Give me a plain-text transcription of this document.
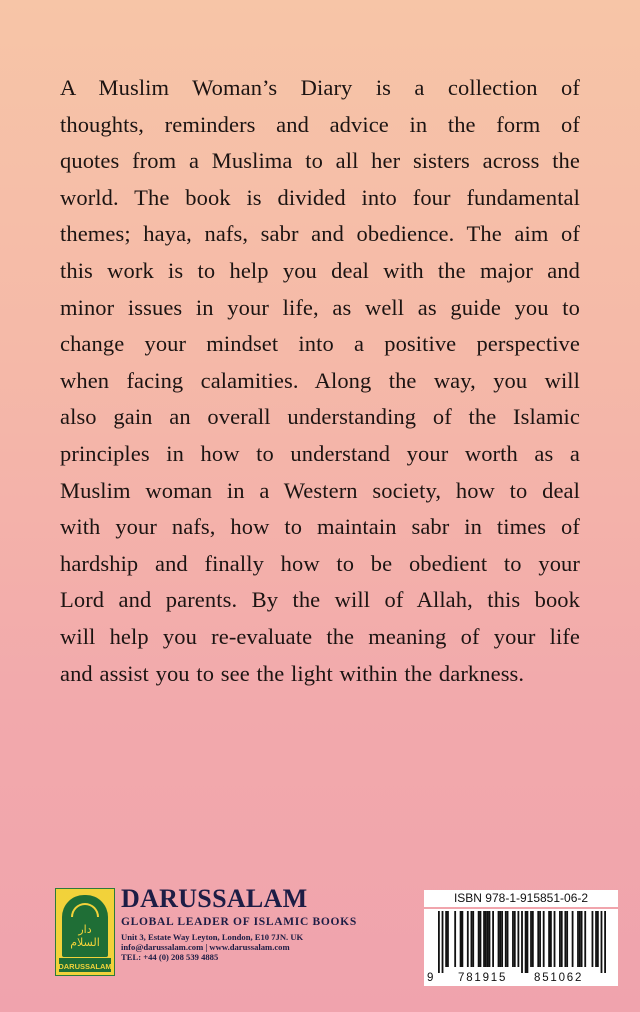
A Muslim Woman’s Diary is a collection of
thoughts, reminders and advice in the form of
quotes from a Muslima to all her sisters across the
world. The book is divided into four fundamental
themes; haya, nafs, sabr and obedience. The aim of
this work is to help you deal with the major and
minor issues in your life, as well as guide you to
change your mindset into a positive perspective
when facing calamities. Along the way, you will
also gain an overall understanding of the Islamic
principles in how to understand your worth as a
Muslim woman in a Western society, how to deal
with your nafs, how to maintain sabr in times of
hardship and finally how to be obedient to your
Lord and parents. By the will of Allah, this book
will help you re-evaluate the meaning of your life
and assist you to see the light within the darkness.
دار السلام
DARUSSALAM
DARUSSALAM
GLOBAL LEADER OF ISLAMIC BOOKS
Unit 3, Estate Way Leyton, London, E10 7JN. UK
info@darussalam.com | www.darussalam.com
TEL: +44 (0) 208 539 4885
ISBN 978-1-915851-06-2
9 781915 851062
